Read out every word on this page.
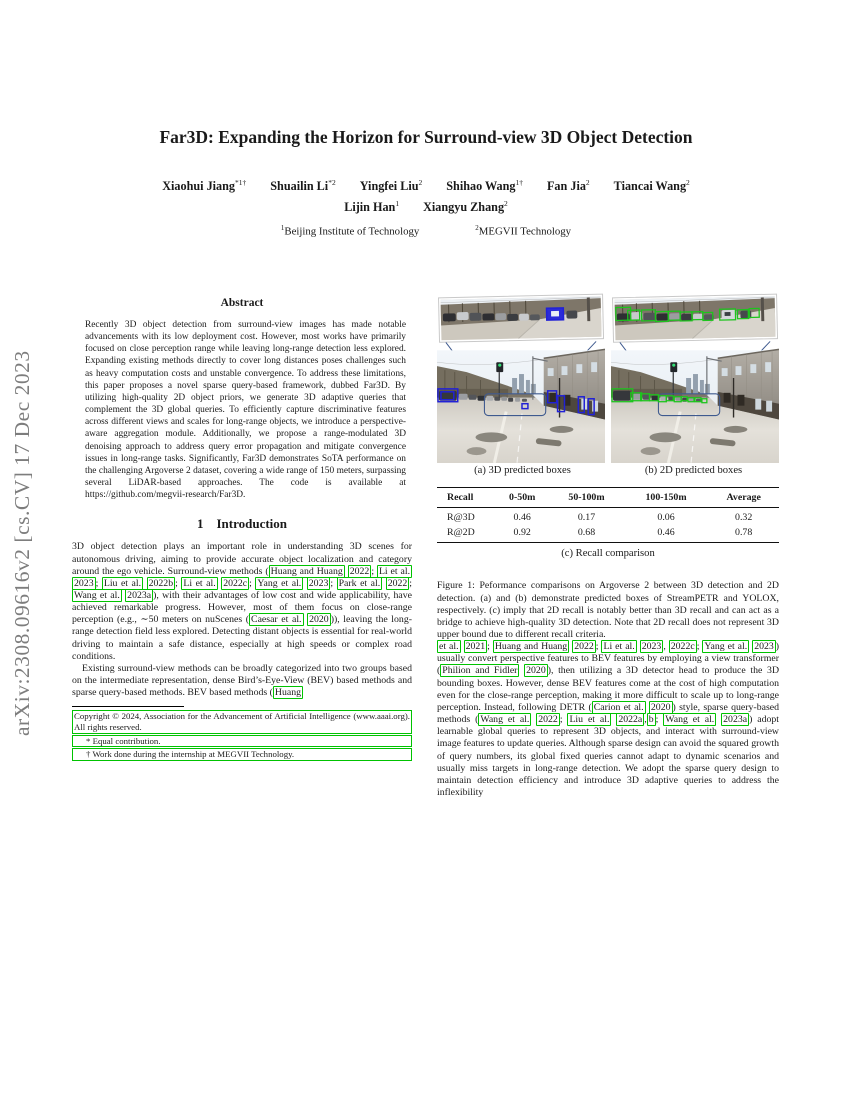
arXiv:2308.09616v2 [cs.CV] 17 Dec 2023
Far3D: Expanding the Horizon for Surround-view 3D Object Detection
Xiaohui Jiang$^{*1\dagger}$ Shuailin Li$^{*2}$ Yingfei Liu$^2$ Shihao Wang$^{1\dagger}$ Fan Jia$^2$ Tiancai Wang$^2$
Lijin Han$^1$ Xiangyu Zhang$^2$
$^1$Beijing Institute of Technology	$^2$MEGVII Technology
Abstract

Recently 3D object detection from surround-view images has made notable advancements with its low deployment cost. However, most works have primarily focused on close perception range while leaving long-range detection less explored. Expanding existing methods directly to cover long distances poses challenges such as heavy computation costs and unstable convergence. To address these limitations, this paper proposes a novel sparse query-based framework, dubbed Far3D. By utilizing high-quality 2D object priors, we generate 3D adaptive queries that complement the 3D global queries. To efficiently capture discriminative features across different views and scales for long-range objects, we introduce a perspective-aware aggregation module. Additionally, we propose a range-modulated 3D denoising approach to address query error propagation and mitigate convergence issues in long-range tasks. Significantly, Far3D demonstrates SoTA performance on the challenging Argoverse 2 dataset, covering a wide range of 150 meters, surpassing several LiDAR-based approaches. The code is available at https://github.com/megvii-research/Far3D.

1 Introduction

3D object detection plays an important role in understanding 3D scenes for autonomous driving, aiming to provide accurate object localization and category around the ego vehicle. Surround-view methods ( Huang and Huang 2022 ; Li et al. 2023 ; Liu et al. 2022b ; Li et al. 2022c ; Yang et al. 2023 ; Park et al. 2022 ; Wang et al. 2023a ), with their advantages of low cost and wide applicability, have achieved remarkable progress. However, most of them focus on close-range perception (e.g., ∼50 meters on nuScenes ( Caesar et al. 2020 )), leaving the long-range detection field less explored. Detecting distant objects is essential for real-world driving to maintain a safe distance, especially at high speeds or complex road conditions.

Existing surround-view methods can be broadly categorized into two groups based on the intermediate representation, dense Bird’s-Eye-View (BEV) based methods and sparse query-based methods. BEV based methods ( Huang

Copyright © 2024, Association for the Advancement of Artificial Intelligence (www.aaai.org). All rights reserved.
* Equal contribution.
† Work done during the internship at MEGVII Technology.
(a) 3D predicted boxes	(b) 2D predicted boxes
Recall	0-50m	50-100m	100-150m	Average
R@3D	0.46	0.17	0.06	0.32
R@2D	0.92	0.68	0.46	0.78
(c) Recall comparison

Figure 1: Peformance comparisons on Argoverse 2 between 3D detection and 2D detection. (a) and (b) demonstrate predicted boxes of StreamPETR and YOLOX, respectively. (c) imply that 2D recall is notably better than 3D recall and can act as a bridge to achieve high-quality 3D detection. Note that 2D recall does not represent 3D upper bound due to different recall criteria.

et al. 2021 ; Huang and Huang 2022 ; Li et al. 2023 , 2022c ; Yang et al. 2023 ) usually convert perspective features to BEV features by employing a view transformer ( Philion and Fidler 2020 ), then utilizing a 3D detector head to produce the 3D bounding boxes. However, dense BEV features come at the cost of high computation even for the close-range perception, making it more difficult to scale up to long-range perception. Instead, following DETR ( Carion et al. 2020 ) style, sparse query-based methods ( Wang et al. 2022 ; Liu et al. 2022a , b ; Wang et al. 2023a ) adopt learnable global queries to represent 3D objects, and interact with surround-view image features to update queries. Although sparse design can avoid the squared growth of query numbers, its global fixed queries cannot adapt to dynamic scenarios and usually miss targets in long-range detection. We adopt the sparse query design to maintain detection efficiency and introduce 3D adaptive queries to address the inflexibility
